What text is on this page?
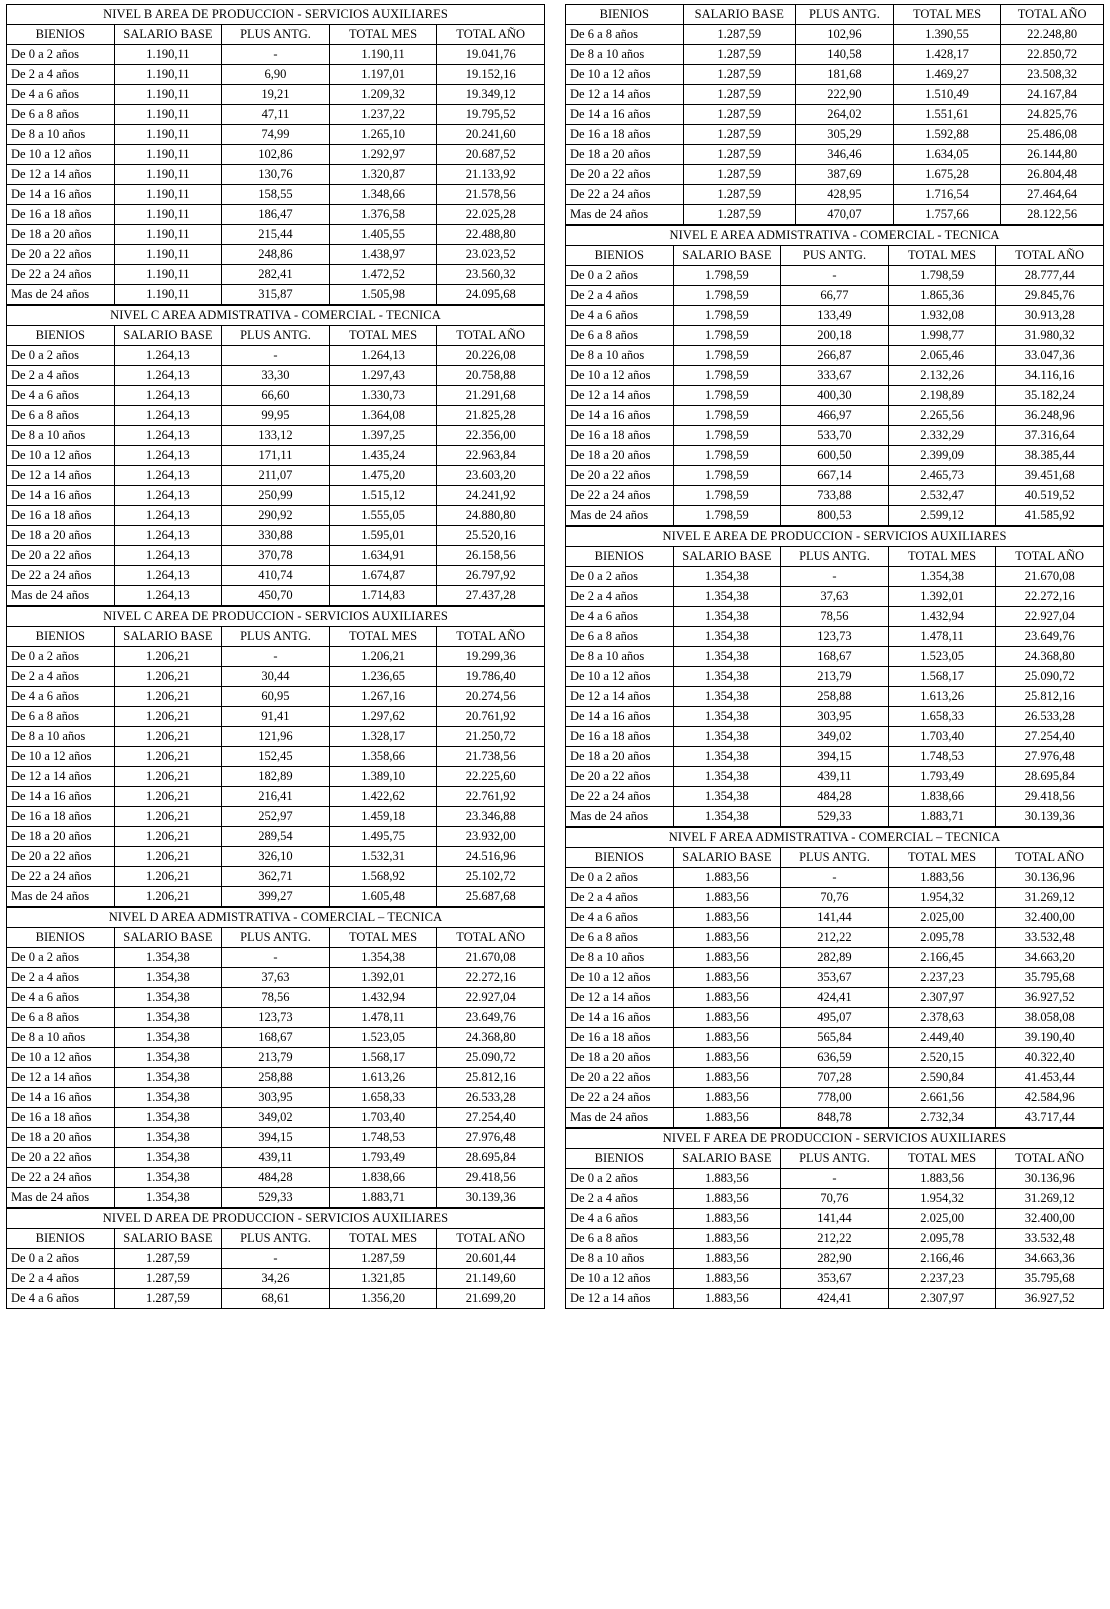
NIVEL B AREA DE PRODUCCION - SERVICIOS AUXILIARES				
BIENIOS	SALARIO BASE	PLUS ANTG.	TOTAL MES	TOTAL AÑO
De 0 a 2 años	1.190,11	-	1.190,11	19.041,76
De 2 a 4 años	1.190,11	6,90	1.197,01	19.152,16
De 4 a 6 años	1.190,11	19,21	1.209,32	19.349,12
De 6 a 8 años	1.190,11	47,11	1.237,22	19.795,52
De 8 a 10 años	1.190,11	74,99	1.265,10	20.241,60
De 10 a 12 años	1.190,11	102,86	1.292,97	20.687,52
De 12 a 14 años	1.190,11	130,76	1.320,87	21.133,92
De 14 a 16 años	1.190,11	158,55	1.348,66	21.578,56
De 16 a 18 años	1.190,11	186,47	1.376,58	22.025,28
De 18 a 20 años	1.190,11	215,44	1.405,55	22.488,80
De 20 a 22 años	1.190,11	248,86	1.438,97	23.023,52
De 22 a 24 años	1.190,11	282,41	1.472,52	23.560,32
Mas de 24 años	1.190,11	315,87	1.505,98	24.095,68
NIVEL C AREA ADMISTRATIVA - COMERCIAL - TECNICA				
BIENIOS	SALARIO BASE	PLUS ANTG.	TOTAL MES	TOTAL AÑO
De 0 a 2 años	1.264,13	-	1.264,13	20.226,08
De 2 a 4 años	1.264,13	33,30	1.297,43	20.758,88
De 4 a 6 años	1.264,13	66,60	1.330,73	21.291,68
De 6 a 8 años	1.264,13	99,95	1.364,08	21.825,28
De 8 a 10 años	1.264,13	133,12	1.397,25	22.356,00
De 10 a 12 años	1.264,13	171,11	1.435,24	22.963,84
De 12 a 14 años	1.264,13	211,07	1.475,20	23.603,20
De 14 a 16 años	1.264,13	250,99	1.515,12	24.241,92
De 16 a 18 años	1.264,13	290,92	1.555,05	24.880,80
De 18 a 20 años	1.264,13	330,88	1.595,01	25.520,16
De 20 a 22 años	1.264,13	370,78	1.634,91	26.158,56
De 22 a 24 años	1.264,13	410,74	1.674,87	26.797,92
Mas de 24 años	1.264,13	450,70	1.714,83	27.437,28
NIVEL C AREA DE PRODUCCION - SERVICIOS AUXILIARES				
BIENIOS	SALARIO BASE	PLUS ANTG.	TOTAL MES	TOTAL AÑO
De 0 a 2 años	1.206,21	-	1.206,21	19.299,36
De 2 a 4 años	1.206,21	30,44	1.236,65	19.786,40
De 4 a 6 años	1.206,21	60,95	1.267,16	20.274,56
De 6 a 8 años	1.206,21	91,41	1.297,62	20.761,92
De 8 a 10 años	1.206,21	121,96	1.328,17	21.250,72
De 10 a 12 años	1.206,21	152,45	1.358,66	21.738,56
De 12 a 14 años	1.206,21	182,89	1.389,10	22.225,60
De 14 a 16 años	1.206,21	216,41	1.422,62	22.761,92
De 16 a 18 años	1.206,21	252,97	1.459,18	23.346,88
De 18 a 20 años	1.206,21	289,54	1.495,75	23.932,00
De 20 a 22 años	1.206,21	326,10	1.532,31	24.516,96
De 22 a 24 años	1.206,21	362,71	1.568,92	25.102,72
Mas de 24 años	1.206,21	399,27	1.605,48	25.687,68
NIVEL D AREA ADMISTRATIVA - COMERCIAL – TECNICA				
BIENIOS	SALARIO BASE	PLUS ANTG.	TOTAL MES	TOTAL AÑO
De 0 a 2 años	1.354,38	-	1.354,38	21.670,08
De 2 a 4 años	1.354,38	37,63	1.392,01	22.272,16
De 4 a 6 años	1.354,38	78,56	1.432,94	22.927,04
De 6 a 8 años	1.354,38	123,73	1.478,11	23.649,76
De 8 a 10 años	1.354,38	168,67	1.523,05	24.368,80
De 10 a 12 años	1.354,38	213,79	1.568,17	25.090,72
De 12 a 14 años	1.354,38	258,88	1.613,26	25.812,16
De 14 a 16 años	1.354,38	303,95	1.658,33	26.533,28
De 16 a 18 años	1.354,38	349,02	1.703,40	27.254,40
De 18 a 20 años	1.354,38	394,15	1.748,53	27.976,48
De 20 a 22 años	1.354,38	439,11	1.793,49	28.695,84
De 22 a 24 años	1.354,38	484,28	1.838,66	29.418,56
Mas de 24 años	1.354,38	529,33	1.883,71	30.139,36
NIVEL D AREA DE PRODUCCION - SERVICIOS AUXILIARES				
BIENIOS	SALARIO BASE	PLUS ANTG.	TOTAL MES	TOTAL AÑO
De 0 a 2 años	1.287,59	-	1.287,59	20.601,44
De 2 a 4 años	1.287,59	34,26	1.321,85	21.149,60
De 4 a 6 años	1.287,59	68,61	1.356,20	21.699,20
BIENIOS	SALARIO BASE	PLUS ANTG.	TOTAL MES	TOTAL AÑO
De 6 a 8 años	1.287,59	102,96	1.390,55	22.248,80
De 8 a 10 años	1.287,59	140,58	1.428,17	22.850,72
De 10 a 12 años	1.287,59	181,68	1.469,27	23.508,32
De 12 a 14 años	1.287,59	222,90	1.510,49	24.167,84
De 14 a 16 años	1.287,59	264,02	1.551,61	24.825,76
De 16 a 18 años	1.287,59	305,29	1.592,88	25.486,08
De 18 a 20 años	1.287,59	346,46	1.634,05	26.144,80
De 20 a 22 años	1.287,59	387,69	1.675,28	26.804,48
De 22 a 24 años	1.287,59	428,95	1.716,54	27.464,64
Mas de 24 años	1.287,59	470,07	1.757,66	28.122,56
NIVEL E AREA ADMISTRATIVA - COMERCIAL - TECNICA				
BIENIOS	SALARIO BASE	PUS ANTG.	TOTAL MES	TOTAL AÑO
De 0 a 2 años	1.798,59	-	1.798,59	28.777,44
De 2 a 4 años	1.798,59	66,77	1.865,36	29.845,76
De 4 a 6 años	1.798,59	133,49	1.932,08	30.913,28
De 6 a 8 años	1.798,59	200,18	1.998,77	31.980,32
De 8 a 10 años	1.798,59	266,87	2.065,46	33.047,36
De 10 a 12 años	1.798,59	333,67	2.132,26	34.116,16
De 12 a 14 años	1.798,59	400,30	2.198,89	35.182,24
De 14 a 16 años	1.798,59	466,97	2.265,56	36.248,96
De 16 a 18 años	1.798,59	533,70	2.332,29	37.316,64
De 18 a 20 años	1.798,59	600,50	2.399,09	38.385,44
De 20 a 22 años	1.798,59	667,14	2.465,73	39.451,68
De 22 a 24 años	1.798,59	733,88	2.532,47	40.519,52
Mas de 24 años	1.798,59	800,53	2.599,12	41.585,92
NIVEL E AREA DE PRODUCCION - SERVICIOS AUXILIARES				
BIENIOS	SALARIO BASE	PLUS ANTG.	TOTAL MES	TOTAL AÑO
De 0 a 2 años	1.354,38	-	1.354,38	21.670,08
De 2 a 4 años	1.354,38	37,63	1.392,01	22.272,16
De 4 a 6 años	1.354,38	78,56	1.432,94	22.927,04
De 6 a 8 años	1.354,38	123,73	1.478,11	23.649,76
De 8 a 10 años	1.354,38	168,67	1.523,05	24.368,80
De 10 a 12 años	1.354,38	213,79	1.568,17	25.090,72
De 12 a 14 años	1.354,38	258,88	1.613,26	25.812,16
De 14 a 16 años	1.354,38	303,95	1.658,33	26.533,28
De 16 a 18 años	1.354,38	349,02	1.703,40	27.254,40
De 18 a 20 años	1.354,38	394,15	1.748,53	27.976,48
De 20 a 22 años	1.354,38	439,11	1.793,49	28.695,84
De 22 a 24 años	1.354,38	484,28	1.838,66	29.418,56
Mas de 24 años	1.354,38	529,33	1.883,71	30.139,36
NIVEL F AREA ADMISTRATIVA - COMERCIAL – TECNICA				
BIENIOS	SALARIO BASE	PLUS ANTG.	TOTAL MES	TOTAL AÑO
De 0 a 2 años	1.883,56	-	1.883,56	30.136,96
De 2 a 4 años	1.883,56	70,76	1.954,32	31.269,12
De 4 a 6 años	1.883,56	141,44	2.025,00	32.400,00
De 6 a 8 años	1.883,56	212,22	2.095,78	33.532,48
De 8 a 10 años	1.883,56	282,89	2.166,45	34.663,20
De 10 a 12 años	1.883,56	353,67	2.237,23	35.795,68
De 12 a 14 años	1.883,56	424,41	2.307,97	36.927,52
De 14 a 16 años	1.883,56	495,07	2.378,63	38.058,08
De 16 a 18 años	1.883,56	565,84	2.449,40	39.190,40
De 18 a 20 años	1.883,56	636,59	2.520,15	40.322,40
De 20 a 22 años	1.883,56	707,28	2.590,84	41.453,44
De 22 a 24 años	1.883,56	778,00	2.661,56	42.584,96
Mas de 24 años	1.883,56	848,78	2.732,34	43.717,44
NIVEL F AREA DE PRODUCCION - SERVICIOS AUXILIARES				
BIENIOS	SALARIO BASE	PLUS ANTG.	TOTAL MES	TOTAL AÑO
De 0 a 2 años	1.883,56	-	1.883,56	30.136,96
De 2 a 4 años	1.883,56	70,76	1.954,32	31.269,12
De 4 a 6 años	1.883,56	141,44	2.025,00	32.400,00
De 6 a 8 años	1.883,56	212,22	2.095,78	33.532,48
De 8 a 10 años	1.883,56	282,90	2.166,46	34.663,36
De 10 a 12 años	1.883,56	353,67	2.237,23	35.795,68
De 12 a 14 años	1.883,56	424,41	2.307,97	36.927,52
